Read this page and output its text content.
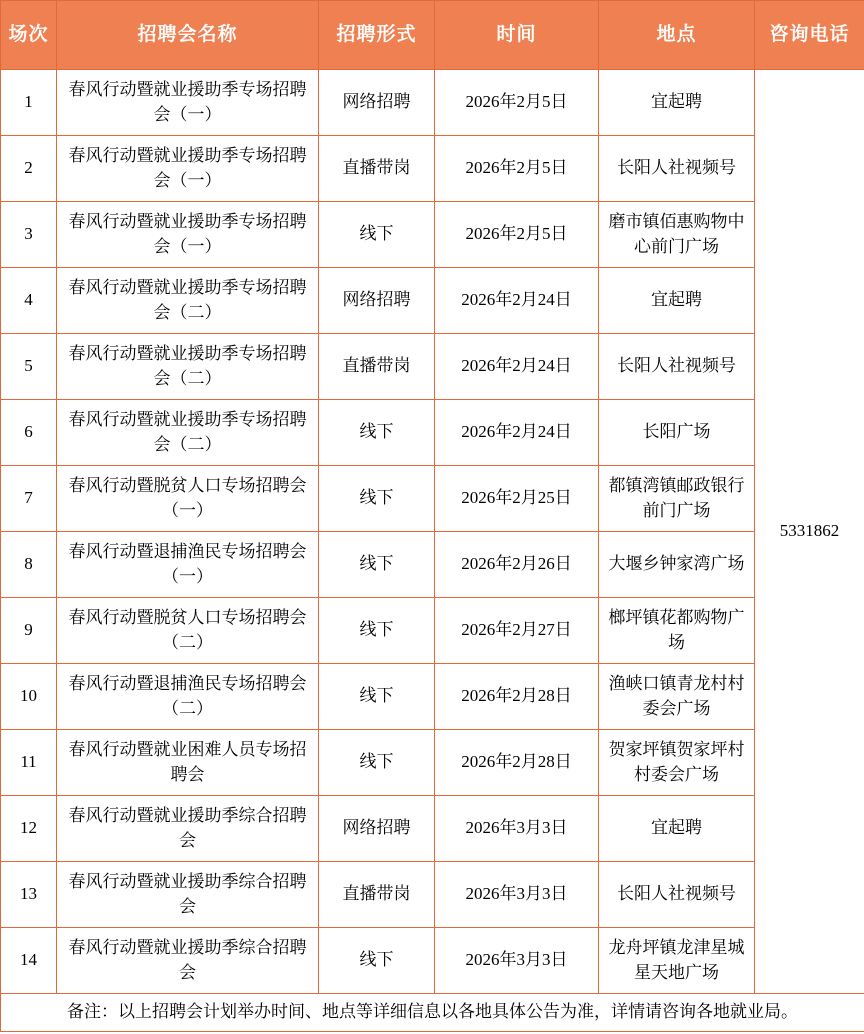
场次	招聘会名称	招聘形式	时间	地点	咨询电话
1	春风行动暨就业援助季专场招聘会（一）	网络招聘	2026年2月5日	宜起聘	5331862
2	春风行动暨就业援助季专场招聘会（一）	直播带岗	2026年2月5日	长阳人社视频号	
3	春风行动暨就业援助季专场招聘会（一）	线下	2026年2月5日	磨市镇佰惠购物中心前门广场	
4	春风行动暨就业援助季专场招聘会（二）	网络招聘	2026年2月24日	宜起聘	
5	春风行动暨就业援助季专场招聘会（二）	直播带岗	2026年2月24日	长阳人社视频号	
6	春风行动暨就业援助季专场招聘会（二）	线下	2026年2月24日	长阳广场	
7	春风行动暨脱贫人口专场招聘会（一）	线下	2026年2月25日	都镇湾镇邮政银行前门广场	
8	春风行动暨退捕渔民专场招聘会（一）	线下	2026年2月26日	大堰乡钟家湾广场	
9	春风行动暨脱贫人口专场招聘会（二）	线下	2026年2月27日	榔坪镇花都购物广场	
10	春风行动暨退捕渔民专场招聘会（二）	线下	2026年2月28日	渔峡口镇青龙村村委会广场	
11	春风行动暨就业困难人员专场招聘会	线下	2026年2月28日	贺家坪镇贺家坪村村委会广场	
12	春风行动暨就业援助季综合招聘会	网络招聘	2026年3月3日	宜起聘	
13	春风行动暨就业援助季综合招聘会	直播带岗	2026年3月3日	长阳人社视频号	
14	春风行动暨就业援助季综合招聘会	线下	2026年3月3日	龙舟坪镇龙津星城星天地广场	
备注：以上招聘会计划举办时间、地点等详细信息以各地具体公告为准，详情请咨询各地就业局。					
